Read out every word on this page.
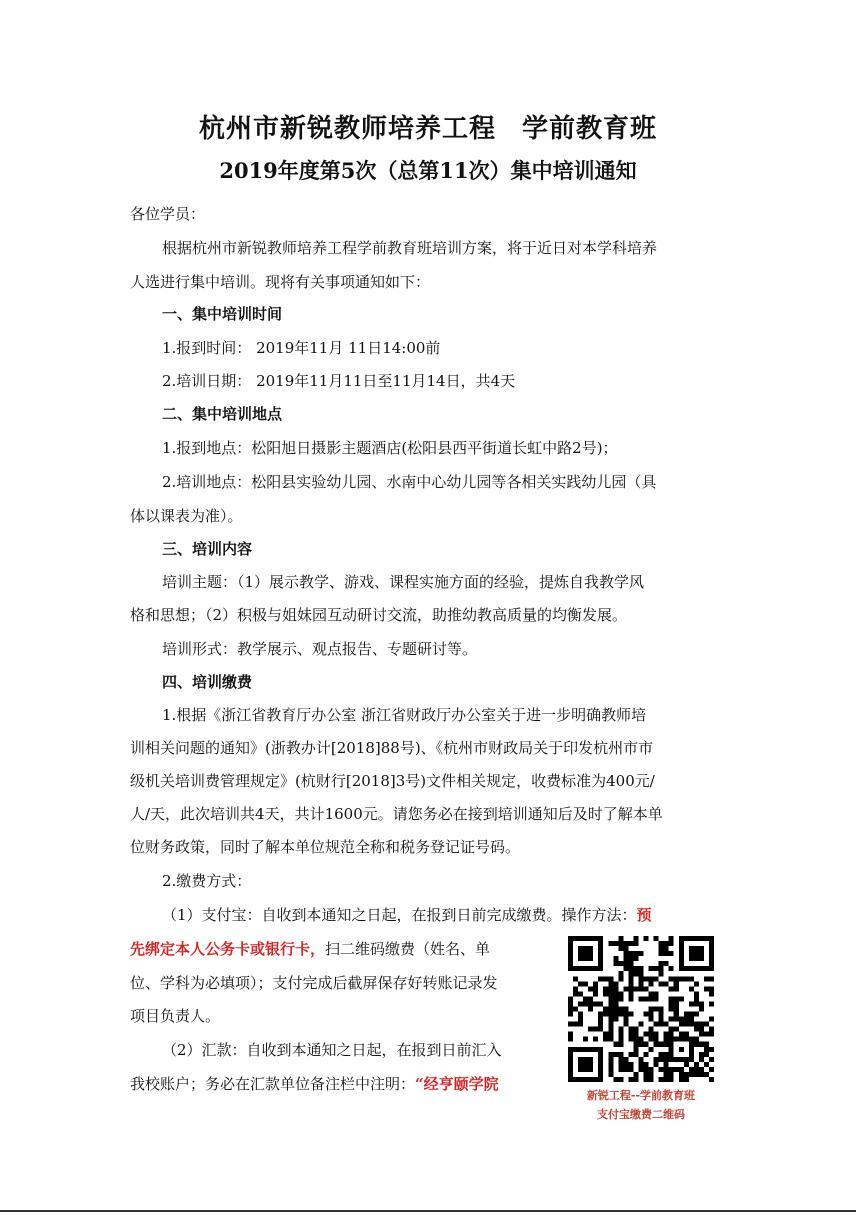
杭州市新锐教师培养工程 学前教育班
2019年度第5次（总第11次）集中培训通知

各位学员：

根据杭州市新锐教师培养工程学前教育班培训方案，将于近日对本学科培养

人选进行集中培训。现将有关事项通知如下：

一、集中培训时间

1.报到时间： 2019年11月 11日14:00前

2.培训日期： 2019年11月11日至11月14日，共4天

二、集中培训地点

1.报到地点：松阳旭日摄影主题酒店(松阳县西平街道长虹中路2号)；

2.培训地点：松阳县实验幼儿园、水南中心幼儿园等各相关实践幼儿园（具

体以课表为准）。

三、培训内容

培训主题：（1）展示教学、游戏、课程实施方面的经验，提炼自我教学风

格和思想；（2）积极与姐妹园互动研讨交流，助推幼教高质量的均衡发展。

培训形式：教学展示、观点报告、专题研讨等。

四、培训缴费

1.根据《浙江省教育厅办公室 浙江省财政厅办公室关于进一步明确教师培

训相关问题的通知》(浙教办计[2018]88号)、《杭州市财政局关于印发杭州市市

级机关培训费管理规定》(杭财行[2018]3号)文件相关规定，收费标准为400元/

人/天，此次培训共4天，共计1600元。请您务必在接到培训通知后及时了解本单

位财务政策，同时了解本单位规范全称和税务登记证号码。

2.缴费方式：

（1）支付宝：自收到本通知之日起，在报到日前完成缴费。操作方法：预

先绑定本人公务卡或银行卡，扫二维码缴费（姓名、单

位、学科为必填项）；支付完成后截屏保存好转账记录发

项目负责人。

（2）汇款：自收到本通知之日起，在报到日前汇入

我校账户；务必在汇款单位备注栏中注明：“经亨颐学院

新锐工程--学前教育班
支付宝缴费二维码
